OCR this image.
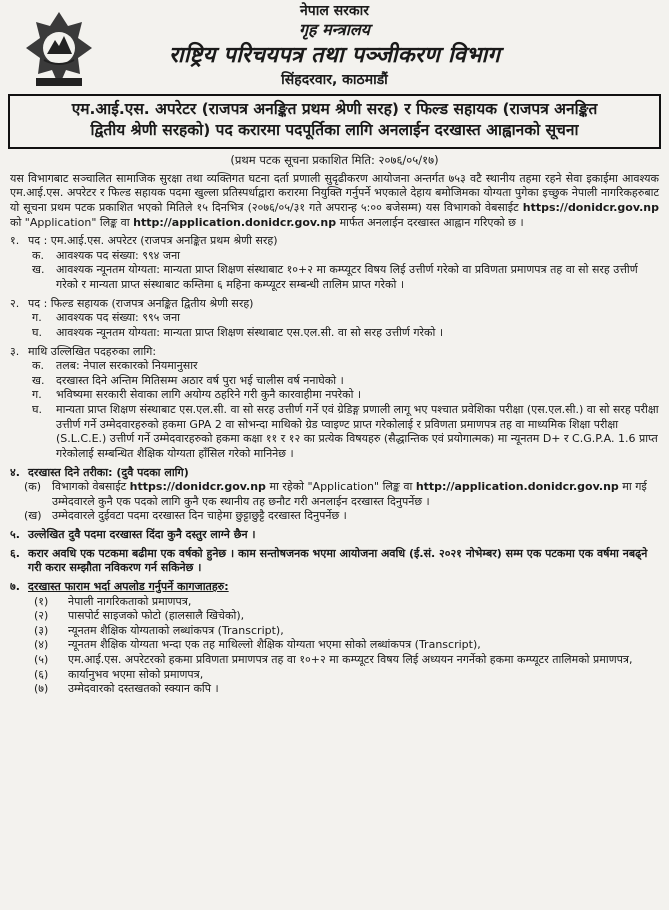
नेपाल सरकार
गृह मन्त्रालय
राष्ट्रिय परिचयपत्र तथा पञ्जीकरण विभाग
सिंहदरवार, काठमाडौं
एम.आई.एस. अपरेटर (राजपत्र अनङ्कित प्रथम श्रेणी सरह) र फिल्ड सहायक (राजपत्र अनङ्कित
द्वितीय श्रेणी सरहको) पद करारमा पदपूर्तिका लागि अनलाईन दरखास्त आह्वानको सूचना
(प्रथम पटक सूचना प्रकाशित मिति: २०७६/०५/१७)
यस विभागबाट सञ्चालित सामाजिक सुरक्षा तथा व्यक्तिगत घटना दर्ता प्रणाली सुदृढीकरण आयोजना अन्तर्गत ७५३ वटै स्थानीय तहमा रहने सेवा इकाईमा आवश्यक एम.आई.एस. अपरेटर र फिल्ड सहायक पदमा खुल्ला प्रतिस्पर्धाद्वारा करारमा नियुक्ति गर्नुपर्ने भएकाले देहाय बमोजिमका योग्यता पुगेका इच्छुक नेपाली नागरिकहरुबाट यो सूचना प्रथम पटक प्रकाशित भएको मितिले १५ दिनभित्र (२०७६/०५/३१ गते अपरान्ह ५:०० बजेसम्म) यस विभागको वेबसाईट https://donidcr.gov.np को "Application" लिङ्क वा http://application.donidcr.gov.np मार्फत अनलाईन दरखास्त आह्वान गरिएको छ ।
१. पद : एम.आई.एस. अपरेटर (राजपत्र अनङ्कित प्रथम श्रेणी सरह)
क.	आवश्यक पद संख्या: ९९४ जना
ख.	आवश्यक न्यूनतम योग्यता: मान्यता प्राप्त शिक्षण संस्थाबाट १०+२ मा कम्प्यूटर विषय लिई उत्तीर्ण गरेको वा प्रविणता प्रमाणपत्र तह वा सो सरह उत्तीर्ण गरेको र मान्यता प्राप्त संस्थाबाट कम्तिमा ६ महिना कम्प्यूटर सम्बन्धी तालिम प्राप्त गरेको ।
२. पद : फिल्ड सहायक (राजपत्र अनङ्कित द्वितीय श्रेणी सरह)
ग.	आवश्यक पद संख्या: ९९५ जना
घ.	आवश्यक न्यूनतम योग्यता: मान्यता प्राप्त शिक्षण संस्थाबाट एस.एल.सी. वा सो सरह उत्तीर्ण गरेको ।
३. माथि उल्लिखित पदहरुका लागि:
क.	तलब: नेपाल सरकारको नियमानुसार
ख.	दरखास्त दिने अन्तिम मितिसम्म अठार वर्ष पुरा भई चालीस वर्ष ननाघेको ।
ग.	भविष्यमा सरकारी सेवाका लागि अयोग्य ठहरिने गरी कुनै कारवाहीमा नपरेको ।
घ.	मान्यता प्राप्त शिक्षण संस्थाबाट एस.एल.सी. वा सो सरह उत्तीर्ण गर्ने एवं ग्रेडिङ्ग प्रणाली लागू भए पश्चात प्रवेशिका परीक्षा (एस.एल.सी.) वा सो सरह परीक्षा उत्तीर्ण गर्ने उम्मेदवारहरुको हकमा GPA 2 वा सोभन्दा माथिको ग्रेड प्वाइण्ट प्राप्त गरेकोलाई र प्रविणता प्रमाणपत्र तह वा माध्यमिक शिक्षा परीक्षा (S.L.C.E.) उत्तीर्ण गर्ने उम्मेदवारहरुको हकमा कक्षा ११ र १२ का प्रत्येक विषयहरु (सैद्धान्तिक एवं प्रयोगात्मक) मा न्यूनतम D+ र C.G.P.A. 1.6 प्राप्त गरेकोलाई सम्बन्धित शैक्षिक योग्यता हाँसिल गरेको मानिनेछ ।
४. दरखास्त दिने तरीका: (दुवै पदका लागि)
(क) विभागको वेबसाईट https://donidcr.gov.np मा रहेको "Application" लिङ्क वा http://application.donidcr.gov.np मा गई उम्मेदवारले कुनै एक पदको लागि कुनै एक स्थानीय तह छनौट गरी अनलाईन दरखास्त दिनुपर्नेछ ।
(ख) उम्मेदवारले दुईवटा पदमा दरखास्त दिन चाहेमा छुट्टाछुट्टै दरखास्त दिनुपर्नेछ ।
५. उल्लेखित दुवै पदमा दरखास्त दिंदा कुनै दस्तुर लाग्ने छैन ।
६. करार अवधि एक पटकमा बढीमा एक वर्षको हुनेछ । काम सन्तोषजनक भएमा आयोजना अवधि (ई.सं. २०२१ नोभेम्बर) सम्म एक पटकमा एक वर्षमा नबढ्ने गरी करार सम्झौता नविकरण गर्न सकिनेछ ।
७. दरखास्त फाराम भर्दा अपलोड गर्नुपर्ने कागजातहरु:
(१)	नेपाली नागरिकताको प्रमाणपत्र,
(२)	पासपोर्ट साइजको फोटो (हालसालै खिचेको),
(३)	न्यूनतम शैक्षिक योग्यताको लब्धांकपत्र (Transcript),
(४)	न्यूनतम शैक्षिक योग्यता भन्दा एक तह माथिल्लो शैक्षिक योग्यता भएमा सोको लब्धांकपत्र (Transcript),
(५)	एम.आई.एस. अपरेटरको हकमा प्रविणता प्रमाणपत्र तह वा १०+२ मा कम्प्यूटर विषय लिई अध्ययन नगर्नेको हकमा कम्प्यूटर तालिमको प्रमाणपत्र,
(६)	कार्यानुभव भएमा सोको प्रमाणपत्र,
(७)	उम्मेदवारको दस्तखतको स्क्यान कपि ।
